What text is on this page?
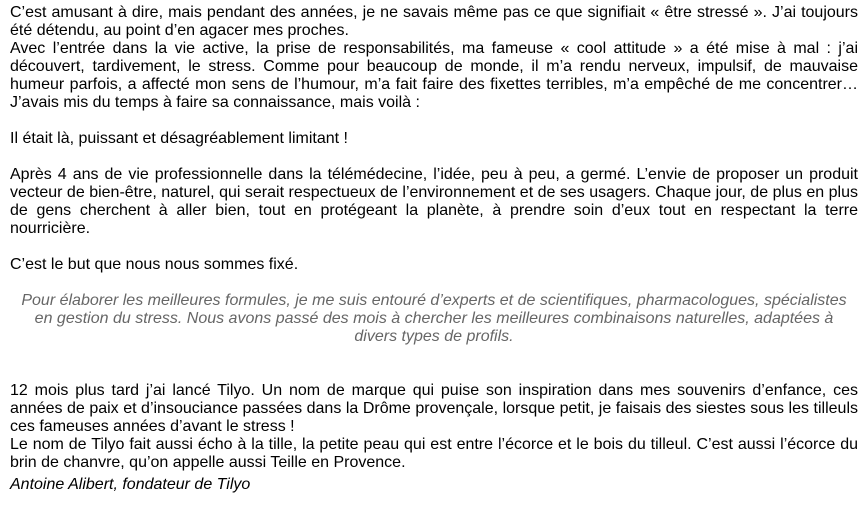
C’est amusant à dire, mais pendant des années, je ne savais même pas ce que signifiait « être stressé ». J’ai toujours été détendu, au point d’en agacer mes proches.

Avec l’entrée dans la vie active, la prise de responsabilités, ma fameuse « cool attitude » a été mise à mal : j’ai découvert, tardivement, le stress. Comme pour beaucoup de monde, il m’a rendu nerveux, impulsif, de mauvaise humeur parfois, a affecté mon sens de l’humour, m’a fait faire des fixettes terribles, m’a empêché de me concentrer… J’avais mis du temps à faire sa connaissance, mais voilà :

Il était là, puissant et désagréablement limitant !

Après 4 ans de vie professionnelle dans la télémédecine, l’idée, peu à peu, a germé. L’envie de proposer un produit vecteur de bien-être, naturel, qui serait respectueux de l’environnement et de ses usagers. Chaque jour, de plus en plus de gens cherchent à aller bien, tout en protégeant la planète, à prendre soin d’eux tout en respectant la terre nourricière.

C’est le but que nous nous sommes fixé.

Pour élaborer les meilleures formules, je me suis entouré d’experts et de scientifiques, pharmacologues, spécialistes en gestion du stress. Nous avons passé des mois à chercher les meilleures combinaisons naturelles, adaptées à divers types de profils.

12 mois plus tard j’ai lancé Tilyo. Un nom de marque qui puise son inspiration dans mes souvenirs d’enfance, ces années de paix et d’insouciance passées dans la Drôme provençale, lorsque petit, je faisais des siestes sous les tilleuls ces fameuses années d’avant le stress !

Le nom de Tilyo fait aussi écho à la tille, la petite peau qui est entre l’écorce et le bois du tilleul. C’est aussi l’écorce du brin de chanvre, qu’on appelle aussi Teille en Provence.

Antoine Alibert, fondateur de Tilyo
